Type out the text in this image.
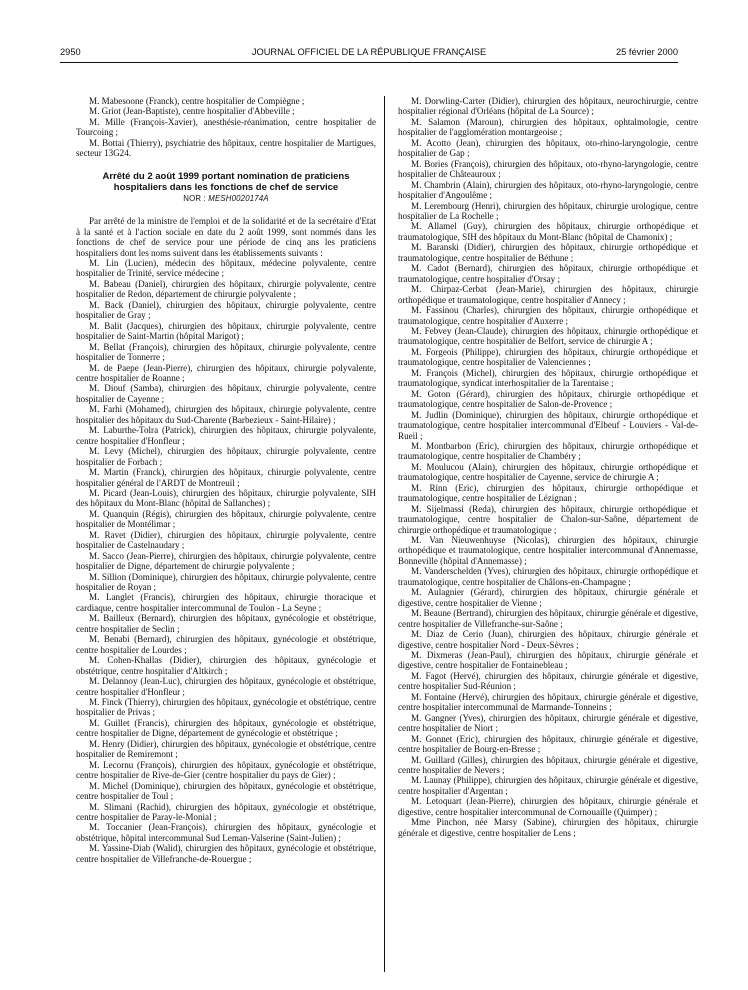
2950	JOURNAL OFFICIEL DE LA RÉPUBLIQUE FRANÇAISE	25 février 2000

M. Mabesoone (Franck), centre hospitalier de Compiègne ;

M. Griot (Jean-Baptiste), centre hospitalier d'Abbeville ;

M. Mille (François-Xavier), anesthésie-réanimation, centre hospitalier de Tourcoing ;

M. Bottai (Thierry), psychiatrie des hôpitaux, centre hospitalier de Martigues, secteur 13G24.

Arrêté du 2 août 1999 portant nomination de praticiens hospitaliers dans les fonctions de chef de service
NOR : MESH0020174A

Par arrêté de la ministre de l'emploi et de la solidarité et de la secrétaire d'Etat à la santé et à l'action sociale en date du 2 août 1999, sont nommés dans les fonctions de chef de service pour une période de cinq ans les praticiens hospitaliers dont les noms suivent dans les établissements suivants :

M. Lin (Lucien), médecin des hôpitaux, médecine polyvalente, centre hospitalier de Trinité, service médecine ;

M. Babeau (Daniel), chirurgien des hôpitaux, chirurgie polyvalente, centre hospitalier de Redon, département de chirurgie polyvalente ;

M. Back (Daniel), chirurgien des hôpitaux, chirurgie polyvalente, centre hospitalier de Gray ;

M. Balit (Jacques), chirurgien des hôpitaux, chirurgie polyvalente, centre hospitalier de Saint-Martin (hôpital Marigot) ;

M. Bellat (François), chirurgien des hôpitaux, chirurgie polyvalente, centre hospitalier de Tonnerre ;

M. de Paepe (Jean-Pierre), chirurgien des hôpitaux, chirurgie polyvalente, centre hospitalier de Roanne ;

M. Diouf (Samba), chirurgien des hôpitaux, chirurgie polyvalente, centre hospitalier de Cayenne ;

M. Farhi (Mohamed), chirurgien des hôpitaux, chirurgie polyvalente, centre hospitalier des hôpitaux du Sud-Charente (Barbezieux - Saint-Hilaire) ;

M. Laburthe-Tolra (Patrick), chirurgien des hôpitaux, chirurgie polyvalente, centre hospitalier d'Honfleur ;

M. Levy (Michel), chirurgien des hôpitaux, chirurgie polyvalente, centre hospitalier de Forbach ;

M. Martin (Franck), chirurgien des hôpitaux, chirurgie polyvalente, centre hospitalier général de l'ARDT de Montreuil ;

M. Picard (Jean-Louis), chirurgien des hôpitaux, chirurgie polyvalente, SIH des hôpitaux du Mont-Blanc (hôpital de Sallanches) ;

M. Quanquin (Régis), chirurgien des hôpitaux, chirurgie polyvalente, centre hospitalier de Montélimar ;

M. Ravet (Didier), chirurgien des hôpitaux, chirurgie polyvalente, centre hospitalier de Castelnaudary ;

M. Sacco (Jean-Pierre), chirurgien des hôpitaux, chirurgie polyvalente, centre hospitalier de Digne, département de chirurgie polyvalente ;

M. Sillion (Dominique), chirurgien des hôpitaux, chirurgie polyvalente, centre hospitalier de Royan ;

M. Langlet (Francis), chirurgien des hôpitaux, chirurgie thoracique et cardiaque, centre hospitalier intercommunal de Toulon - La Seyne ;

M. Bailleux (Bernard), chirurgien des hôpitaux, gynécologie et obstétrique, centre hospitalier de Seclin ;

M. Benabi (Bernard), chirurgien des hôpitaux, gynécologie et obstétrique, centre hospitalier de Lourdes ;

M. Cohen-Khallas (Didier), chirurgien des hôpitaux, gynécologie et obstétrique, centre hospitalier d'Altkirch ;

M. Delannoy (Jean-Luc), chirurgien des hôpitaux, gynécologie et obstétrique, centre hospitalier d'Honfleur ;

M. Finck (Thierry), chirurgien des hôpitaux, gynécologie et obstétrique, centre hospitalier de Privas ;

M. Guillet (Francis), chirurgien des hôpitaux, gynécologie et obstétrique, centre hospitalier de Digne, département de gynécologie et obstétrique ;

M. Henry (Didier), chirurgien des hôpitaux, gynécologie et obstétrique, centre hospitalier de Remiremont ;

M. Lecornu (François), chirurgien des hôpitaux, gynécologie et obstétrique, centre hospitalier de Rive-de-Gier (centre hospitalier du pays de Gier) ;

M. Michel (Dominique), chirurgien des hôpitaux, gynécologie et obstétrique, centre hospitalier de Toul ;

M. Slimani (Rachid), chirurgien des hôpitaux, gynécologie et obstétrique, centre hospitalier de Paray-le-Monial ;

M. Toccanier (Jean-François), chirurgien des hôpitaux, gynécologie et obstétrique, hôpital intercommunal Sud Leman-Valserine (Saint-Julien) ;

M. Yassine-Diab (Walid), chirurgien des hôpitaux, gynécologie et obstétrique, centre hospitalier de Villefranche-de-Rouergue ;

M. Dorwling-Carter (Didier), chirurgien des hôpitaux, neurochirurgie, centre hospitalier régional d'Orléans (hôpital de La Source) ;

M. Salamon (Maroun), chirurgien des hôpitaux, ophtalmologie, centre hospitalier de l'agglomération montargeoise ;

M. Acotto (Jean), chirurgien des hôpitaux, oto-rhino-laryngologie, centre hospitalier de Gap ;

M. Bories (François), chirurgien des hôpitaux, oto-rhyno-laryngologie, centre hospitalier de Châteauroux ;

M. Chambrin (Alain), chirurgien des hôpitaux, oto-rhyno-laryngologie, centre hospitalier d'Angoulême ;

M. Lerembourg (Henri), chirurgien des hôpitaux, chirurgie urologique, centre hospitalier de La Rochelle ;

M. Allamel (Guy), chirurgien des hôpitaux, chirurgie orthopédique et traumatologique, SIH des hôpitaux du Mont-Blanc (hôpital de Chamonix) ;

M. Baranski (Didier), chirurgien des hôpitaux, chirurgie orthopédique et traumatologique, centre hospitalier de Béthune ;

M. Cadot (Bernard), chirurgien des hôpitaux, chirurgie orthopédique et traumatologique, centre hospitalier d'Orsay ;

M. Chirpaz-Cerbat (Jean-Marie), chirurgien des hôpitaux, chirurgie orthopédique et traumatologique, centre hospitalier d'Annecy ;

M. Fassinou (Charles), chirurgien des hôpitaux, chirurgie orthopédique et traumatologique, centre hospitalier d'Auxerre ;

M. Febvey (Jean-Claude), chirurgien des hôpitaux, chirurgie orthopédique et traumatologique, centre hospitalier de Belfort, service de chirurgie A ;

M. Forgeois (Philippe), chirurgien des hôpitaux, chirurgie orthopédique et traumatologique, centre hospitalier de Valenciennes ;

M. François (Michel), chirurgien des hôpitaux, chirurgie orthopédique et traumatologique, syndicat interhospitalier de la Tarentaise ;

M. Goton (Gérard), chirurgien des hôpitaux, chirurgie orthopédique et traumatologique, centre hospitalier de Salon-de-Provence ;

M. Judlin (Dominique), chirurgien des hôpitaux, chirurgie orthopédique et traumatologique, centre hospitalier intercommunal d'Elbeuf - Louviers - Val-de-Rueil ;

M. Montbarbon (Eric), chirurgien des hôpitaux, chirurgie orthopédique et traumatologique, centre hospitalier de Chambéry ;

M. Moulucou (Alain), chirurgien des hôpitaux, chirurgie orthopédique et traumatologique, centre hospitalier de Cayenne, service de chirurgie A ;

M. Rinn (Eric), chirurgien des hôpitaux, chirurgie orthopédique et traumatologique, centre hospitalier de Lézignan ;

M. Sijelmassi (Reda), chirurgien des hôpitaux, chirurgie orthopédique et traumatologique, centre hospitalier de Chalon-sur-Saône, département de chirurgie orthopédique et traumatologique ;

M. Van Nieuwenhuyse (Nicolas), chirurgien des hôpitaux, chirurgie orthopédique et traumatologique, centre hospitalier intercommunal d'Annemasse, Bonneville (hôpital d'Annemasse) ;

M. Vanderschelden (Yves), chirurgien des hôpitaux, chirurgie orthopédique et traumatologique, centre hospitalier de Châlons-en-Champagne ;

M. Aulagnier (Gérard), chirurgien des hôpitaux, chirurgie générale et digestive, centre hospitalier de Vienne ;

M. Beaune (Bertrand), chirurgien des hôpitaux, chirurgie générale et digestive, centre hospitalier de Villefranche-sur-Saône ;

M. Diaz de Cerio (Juan), chirurgien des hôpitaux, chirurgie générale et digestive, centre hospitalier Nord - Deux-Sèvres ;

M. Dixmeras (Jean-Paul), chirurgien des hôpitaux, chirurgie générale et digestive, centre hospitalier de Fontainebleau ;

M. Fagot (Hervé), chirurgien des hôpitaux, chirurgie générale et digestive, centre hospitalier Sud-Réunion ;

M. Fontaine (Hervé), chirurgien des hôpitaux, chirurgie générale et digestive, centre hospitalier intercommunal de Marmande-Tonneins ;

M. Gangner (Yves), chirurgien des hôpitaux, chirurgie générale et digestive, centre hospitalier de Niort ;

M. Gonnet (Eric), chirurgien des hôpitaux, chirurgie générale et digestive, centre hospitalier de Bourg-en-Bresse ;

M. Guillard (Gilles), chirurgien des hôpitaux, chirurgie générale et digestive, centre hospitalier de Nevers ;

M. Launay (Philippe), chirurgien des hôpitaux, chirurgie générale et digestive, centre hospitalier d'Argentan ;

M. Letoquart (Jean-Pierre), chirurgien des hôpitaux, chirurgie générale et digestive, centre hospitalier intercommunal de Cornouaille (Quimper) ;

Mme Pinchon, née Marsy (Sabine), chirurgien des hôpitaux, chirurgie générale et digestive, centre hospitalier de Lens ;
